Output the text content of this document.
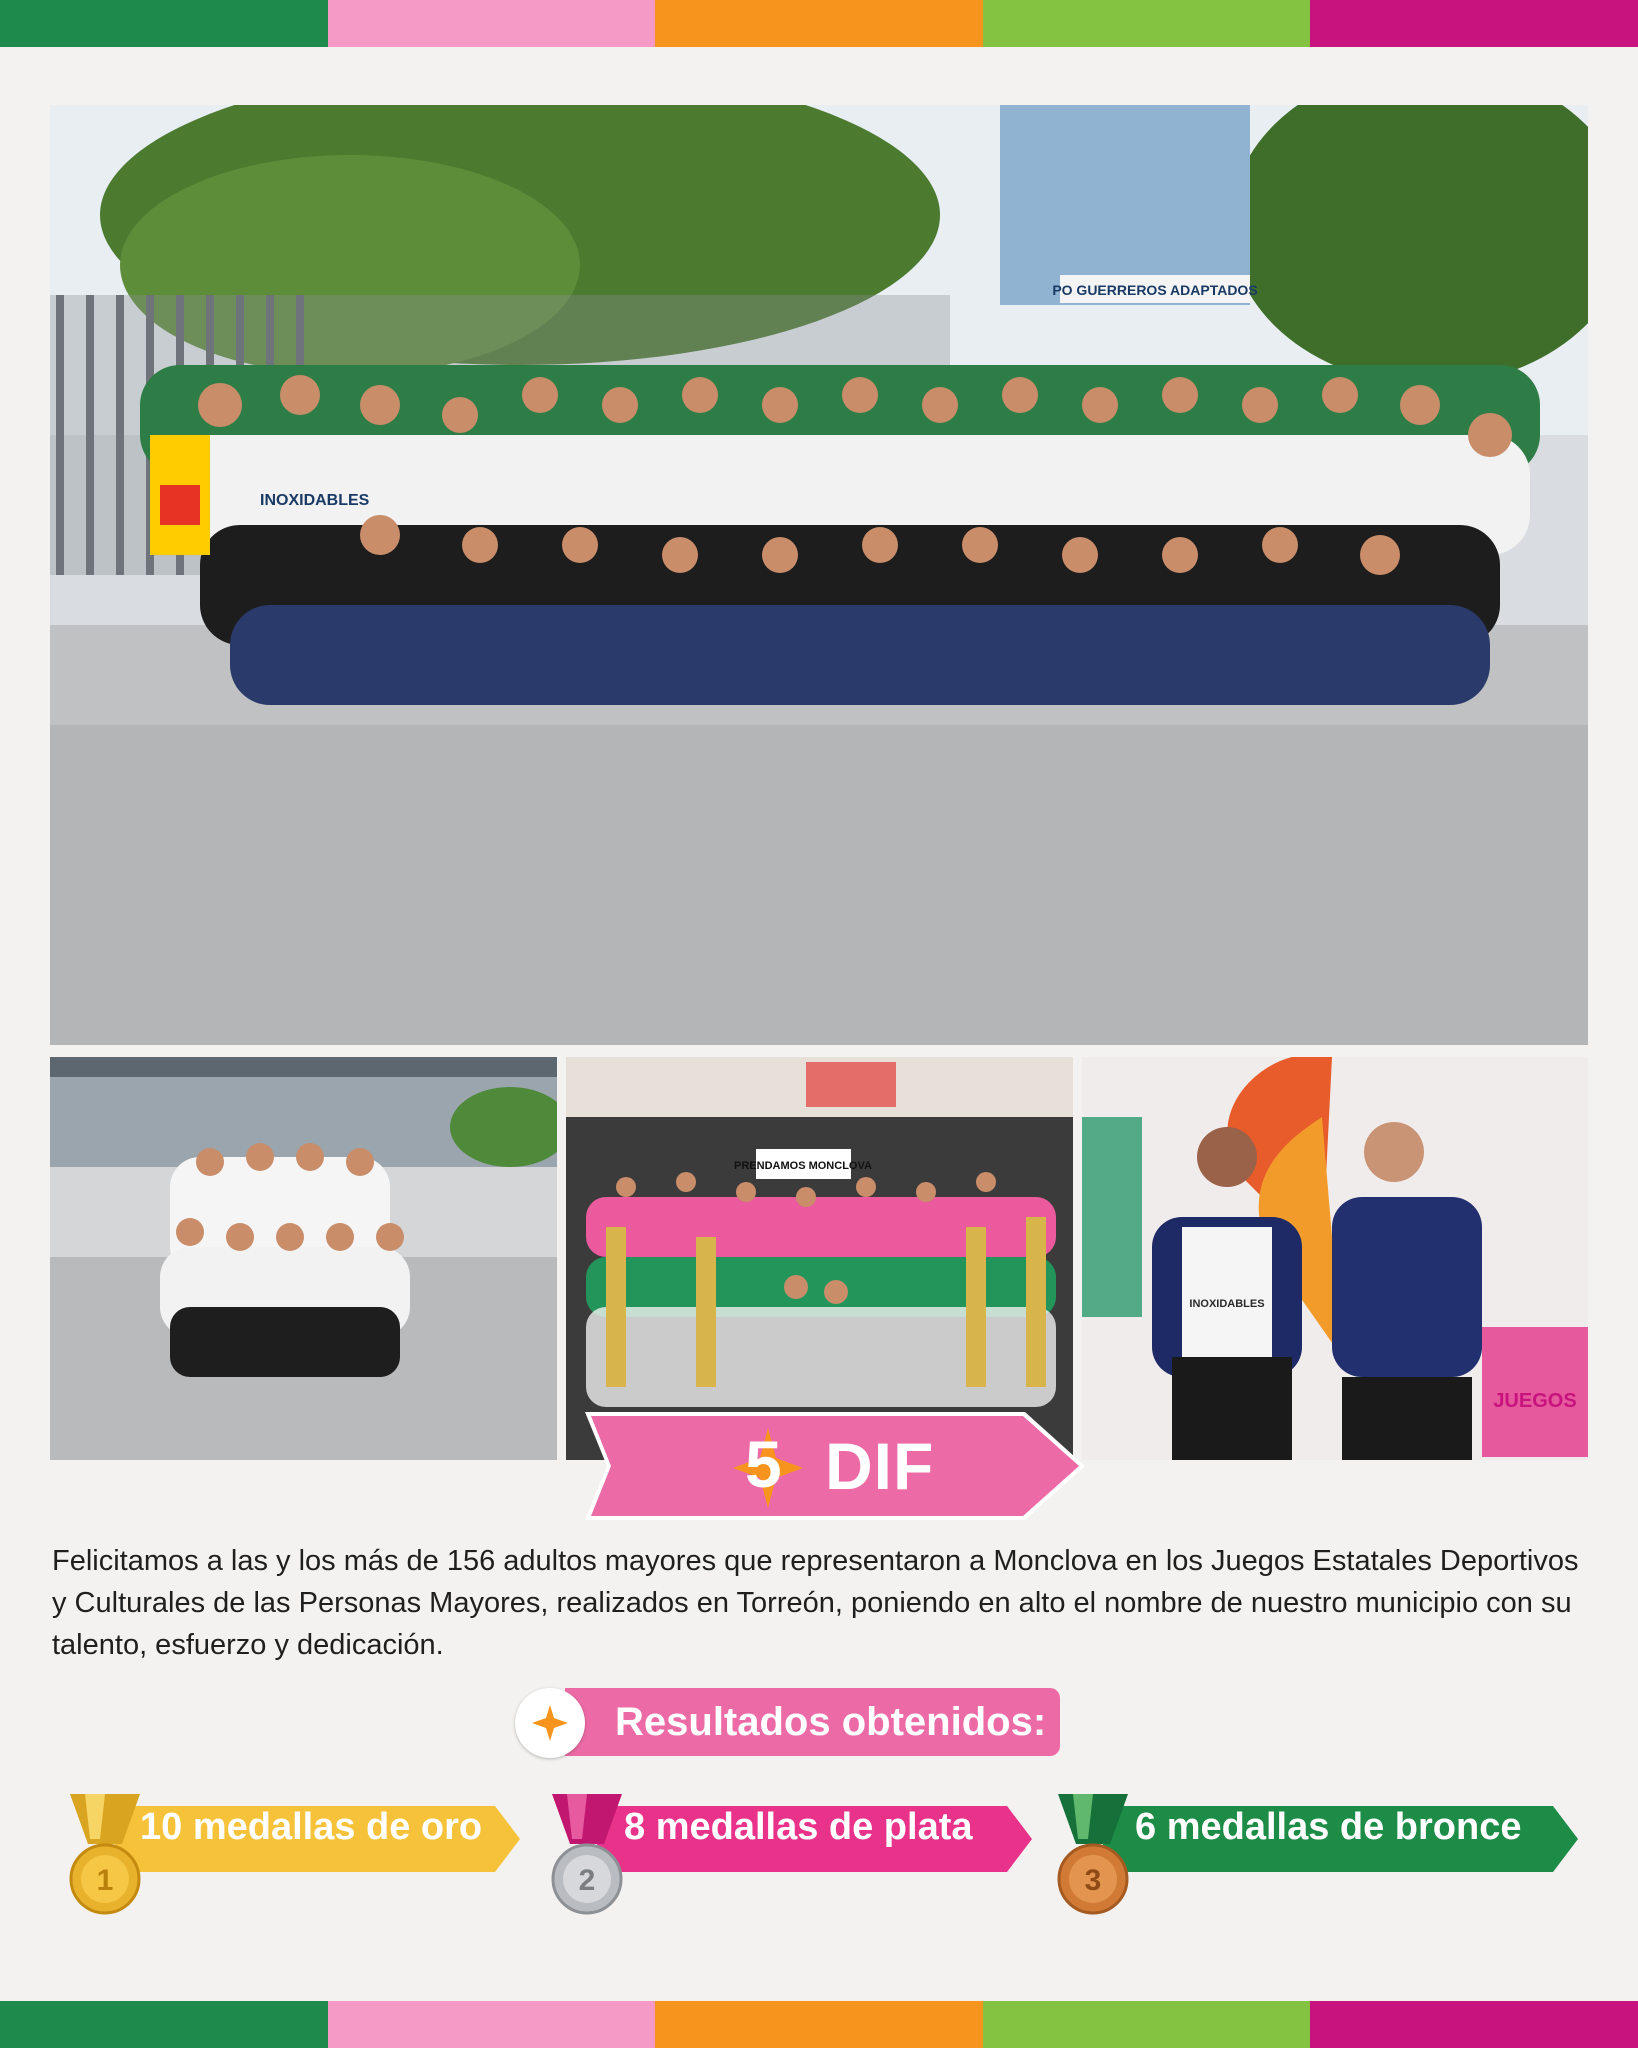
PO GUERREROS ADAPTADOS
INOXIDABLES
PRENDAMOS MONCLOVA
JUEGOS
INOXIDABLES
5 DIF

Felicitamos a las y los más de 156 adultos mayores que representaron a Monclova en los Juegos Estatales Deportivos y Culturales de las Personas Mayores, realizados en Torreón, poniendo en alto el nombre de nuestro municipio con su talento, esfuerzo y dedicación.

Resultados obtenidos:
10 medallas de oro
1
8 medallas de plata
2
6 medallas de bronce
3
